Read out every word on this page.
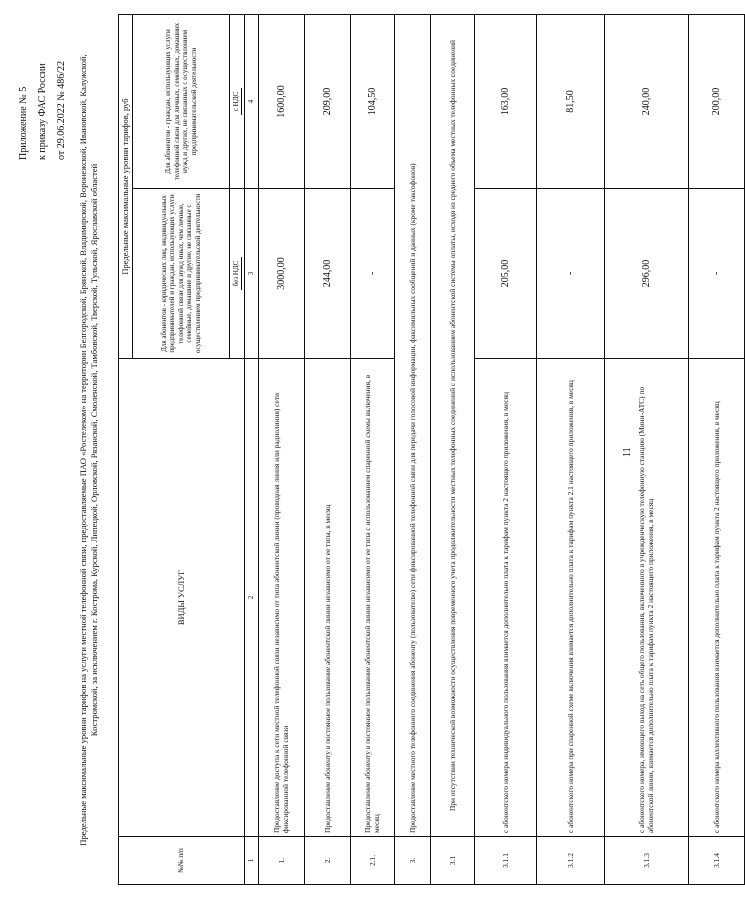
Приложение № 5 к приказу ФАС России от 29.06.2022 № 486/22	Предельные максимальные уровни тарифов на услуги местной телефонной связи, предоставляемые ПАО «Ростелеком» на территории Белгородской, Брянской, Владимирской, Воронежской, Ивановской, Калужской, Костромской, за исключением г. Кострома, Курской, Липецкой, Орловской, Рязанской, Смоленской, Тамбовской, Тверской, Тульской, Ярославской областей
№№ п/п	ВИДЫ УСЛУГ	Предельные максимальные уровни тарифов, руб	
		Для абонентов - юридических лиц, индивидуальных предпринимателей и граждан, использующих услуги телефонной связи для нужд иных, чем личные, семейные, домашние и другие, не связанные с осуществлением предпринимательской деятельности	Для абонентов - граждан, использующих услуги телефонной связи для личных, семейных, домашних нужд и других, не связанных с осуществлением предпринимательской деятельности
		без НДС	с НДС
1	2	3	4
1.	Предоставление доступа к сети местной телефонной связи независимо от типа абонентской линии (проводная линия или радиолиния) сети фиксированной телефонной связи	3000,00	1600,00
2.	Предоставление абоненту в постоянное пользование абонентской линии независимо от ее типа, в месяц	244,00	209,00
2.1.	Предоставление абоненту в постоянное пользование абонентской линии независимо от ее типа с использованием спаренной схемы включения, в месяц	-	104,50
3.	Предоставление местного телефонного соединения абоненту (пользователю) сети фиксированной телефонной связи для передачи голосовой информации, факсимильных сообщений и данных (кроме таксофонов)		
3.1	При отсутствии технической возможности осуществления повременного учета продолжительности местных телефонных соединений с использованием абонентской системы оплаты, исходя из среднего объема местных телефонных соединений		
3.1.1	с абонентского номера индивидуального пользования взимается дополнительно плата к тарифам пункта 2 настоящего приложения, в месяц	205,00	163,00
3.1.2	с абонентского номера при спаренной схеме включения взимается дополнительно плата к тарифам пункта 2.1 настоящего приложения, в месяц	-	81,50
3.1.3	с абонентского номера, имеющего выход на сеть общего пользования, включенного в учрежденческую телефонную станцию (Мини-АТС) по абонентской линии, взимается дополнительно плата к тарифам пункта 2 настоящего приложения, в месяц	296,00	240,00
3.1.4	с абонентского номера коллективного пользования взимается дополнительно плата к тарифам пункта 2 настоящего приложения, в месяц	-	200,00
11
